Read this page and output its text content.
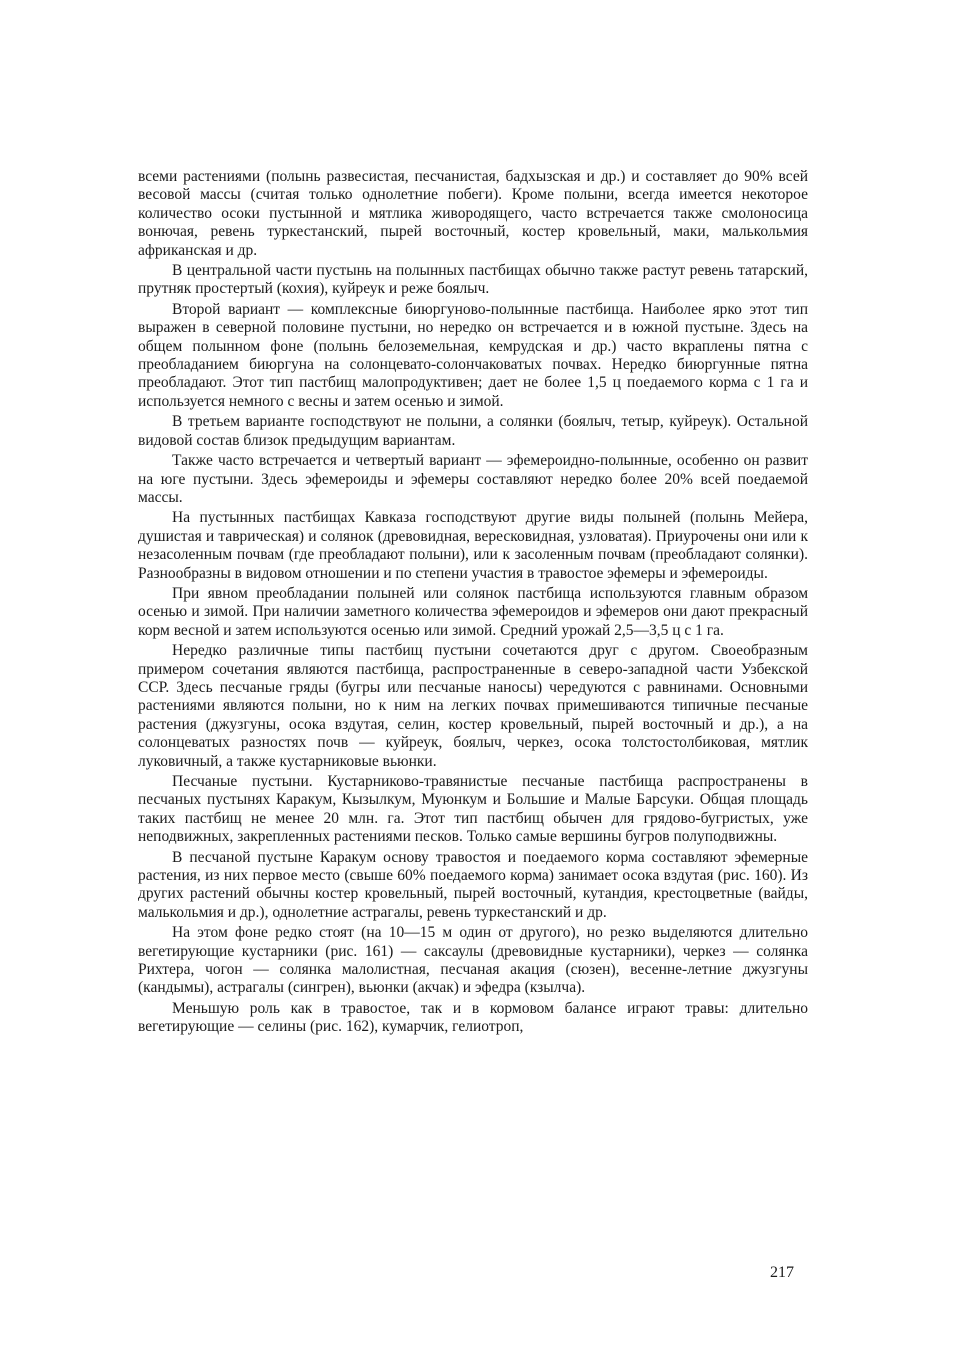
всеми растениями (полынь развесистая, песчанистая, бадхызская и др.) и составляет до 90% всей весовой массы (считая только однолетние побеги). Кроме полыни, всегда имеется некоторое количество осоки пустынной и мятлика живородящего, часто встречается также смолоносица вонючая, ревень туркестанский, пырей восточный, костер кровельный, маки, малькольмия африканская и др.

В центральной части пустынь на полынных пастбищах обычно также растут ревень татарский, прутняк простертый (кохия), куйреук и реже боялыч.

Второй вариант — комплексные биюргуново-полынные пастбища. Наиболее ярко этот тип выражен в северной половине пустыни, но нередко он встречается и в южной пустыне. Здесь на общем полынном фоне (полынь белоземельная, кемрудская и др.) часто вкраплены пятна с преобладанием биюргуна на солонцевато-солончаковатых почвах. Нередко биюргунные пятна преобладают. Этот тип пастбищ малопродуктивен; дает не более 1,5 ц поедаемого корма с 1 га и используется немного с весны и затем осенью и зимой.

В третьем варианте господствуют не полыни, а солянки (боялыч, тетыр, куйреук). Остальной видовой состав близок предыдущим вариантам.

Также часто встречается и четвертый вариант — эфемероидно-полынные, особенно он развит на юге пустыни. Здесь эфемероиды и эфемеры составляют нередко более 20% всей поедаемой массы.

На пустынных пастбищах Кавказа господствуют другие виды полыней (полынь Мейера, душистая и таврическая) и солянок (древовидная, вересковидная, узловатая). Приурочены они или к незасоленным почвам (где преобладают полыни), или к засоленным почвам (преобладают солянки). Разнообразны в видовом отношении и по степени участия в травостое эфемеры и эфемероиды.

При явном преобладании полыней или солянок пастбища используются главным образом осенью и зимой. При наличии заметного количества эфемероидов и эфемеров они дают прекрасный корм весной и затем используются осенью или зимой. Средний урожай 2,5—3,5 ц с 1 га.

Нередко различные типы пастбищ пустыни сочетаются друг с другом. Своеобразным примером сочетания являются пастбища, распространенные в северо-западной части Узбекской ССР. Здесь песчаные гряды (бугры или песчаные наносы) чередуются с равнинами. Основными растениями являются полыни, но к ним на легких почвах примешиваются типичные песчаные растения (джузгуны, осока вздутая, селин, костер кровельный, пырей восточный и др.), а на солонцеватых разностях почв — куйреук, боялыч, черкез, осока толстостолбиковая, мятлик луковичный, а также кустарниковые вьюнки.

Песчаные пустыни. Кустарниково-травянистые песчаные пастбища распространены в песчаных пустынях Каракум, Кызылкум, Муюнкум и Большие и Малые Барсуки. Общая площадь таких пастбищ не менее 20 млн. га. Этот тип пастбищ обычен для грядово-бугристых, уже неподвижных, закрепленных растениями песков. Только самые вершины бугров полуподвижны.

В песчаной пустыне Каракум основу травостоя и поедаемого корма составляют эфемерные растения, из них первое место (свыше 60% поедаемого корма) занимает осока вздутая (рис. 160). Из других растений обычны костер кровельный, пырей восточный, кутандия, крестоцветные (вайды, малькольмия и др.), однолетние астрагалы, ревень туркестанский и др.

На этом фоне редко стоят (на 10—15 м один от другого), но резко выделяются длительно вегетирующие кустарники (рис. 161) — саксаулы (древовидные кустарники), черкез — солянка Рихтера, чогон — солянка малолистная, песчаная акация (сюзен), весенне-летние джузгуны (кандымы), астрагалы (сингрен), вьюнки (акчак) и эфедра (кзылча).

Меньшую роль как в травостое, так и в кормовом балансе играют травы: длительно вегетирующие — селины (рис. 162), кумарчик, гелиотроп,

217
